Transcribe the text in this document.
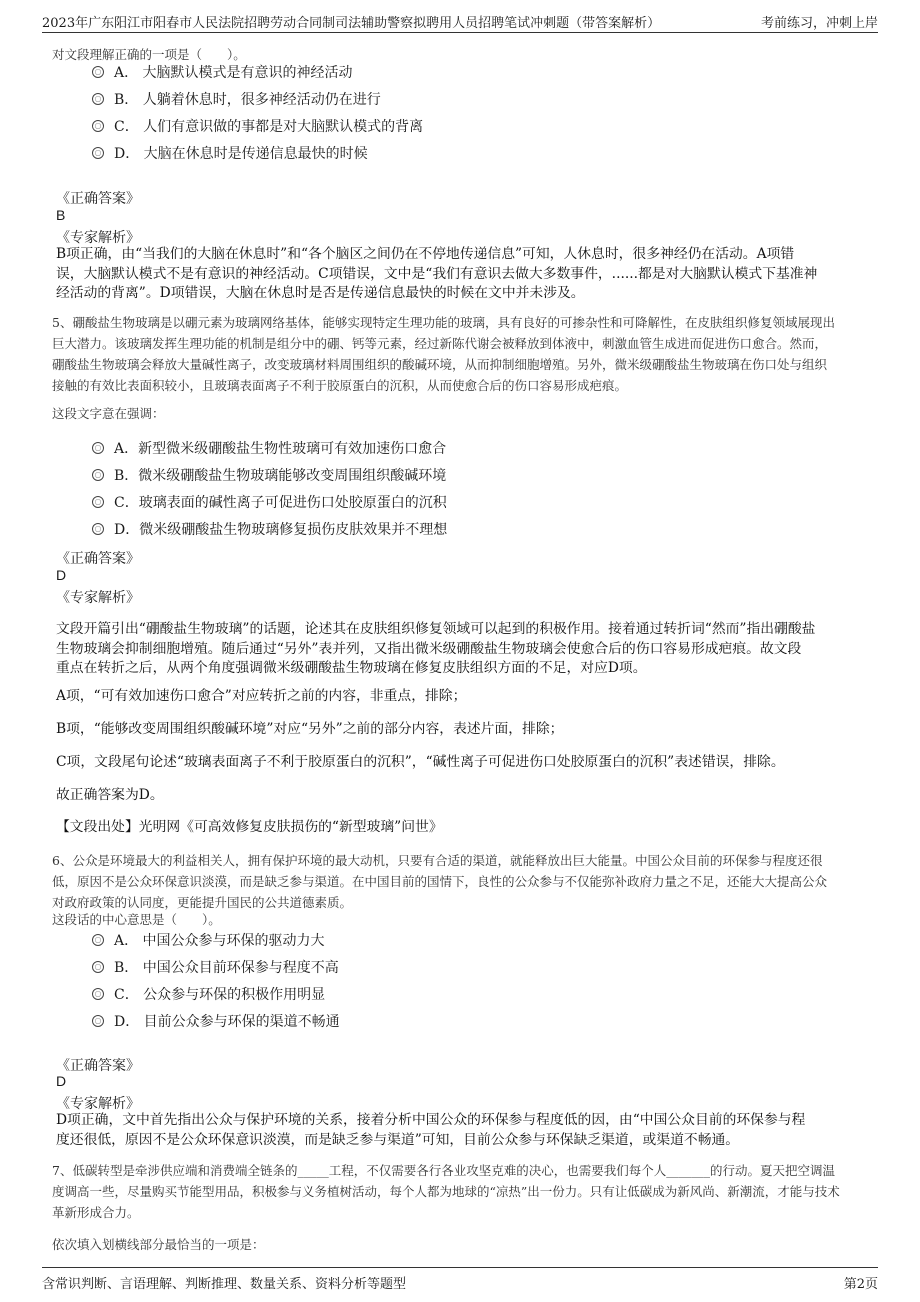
2023年广东阳江市阳春市人民法院招聘劳动合同制司法辅助警察拟聘用人员招聘笔试冲刺题（带答案解析）	考前练习，冲刺上岸
对文段理解正确的一项是（　　）。
A． 大脑默认模式是有意识的神经活动
B． 人躺着休息时，很多神经活动仍在进行
C． 人们有意识做的事都是对大脑默认模式的背离
D． 大脑在休息时是传递信息最快的时候
《正确答案》
B
《专家解析》
B项正确，由“当我们的大脑在休息时”和“各个脑区之间仍在不停地传递信息”可知，人休息时，很多神经仍在活动。A项错
误，大脑默认模式不是有意识的神经活动。C项错误，文中是“我们有意识去做大多数事件，......都是对大脑默认模式下基准神
经活动的背离”。D项错误，大脑在休息时是否是传递信息最快的时候在文中并未涉及。
5、硼酸盐生物玻璃是以硼元素为玻璃网络基体，能够实现特定生理功能的玻璃，具有良好的可掺杂性和可降解性，在皮肤组织修复领域展现出
巨大潜力。该玻璃发挥生理功能的机制是组分中的硼、钙等元素，经过新陈代谢会被释放到体液中，刺激血管生成进而促进伤口愈合。然而，
硼酸盐生物玻璃会释放大量碱性离子，改变玻璃材料周围组织的酸碱环境，从而抑制细胞增殖。另外，微米级硼酸盐生物玻璃在伤口处与组织
接触的有效比表面积较小，且玻璃表面离子不利于胶原蛋白的沉积，从而使愈合后的伤口容易形成疤痕。
这段文字意在强调：
A．新型微米级硼酸盐生物性玻璃可有效加速伤口愈合
B．微米级硼酸盐生物玻璃能够改变周围组织酸碱环境
C．玻璃表面的碱性离子可促进伤口处胶原蛋白的沉积
D．微米级硼酸盐生物玻璃修复损伤皮肤效果并不理想
《正确答案》
D
《专家解析》
文段开篇引出“硼酸盐生物玻璃”的话题，论述其在皮肤组织修复领域可以起到的积极作用。接着通过转折词“然而”指出硼酸盐
生物玻璃会抑制细胞增殖。随后通过“另外”表并列，又指出微米级硼酸盐生物玻璃会使愈合后的伤口容易形成疤痕。故文段
重点在转折之后，从两个角度强调微米级硼酸盐生物玻璃在修复皮肤组织方面的不足，对应D项。
A项，“可有效加速伤口愈合”对应转折之前的内容，非重点，排除；
B项，“能够改变周围组织酸碱环境”对应“另外”之前的部分内容，表述片面，排除；
C项，文段尾句论述“玻璃表面离子不利于胶原蛋白的沉积”，“碱性离子可促进伤口处胶原蛋白的沉积”表述错误，排除。
故正确答案为D。
【文段出处】光明网《可高效修复皮肤损伤的“新型玻璃”问世》
6、公众是环境最大的利益相关人，拥有保护环境的最大动机，只要有合适的渠道，就能释放出巨大能量。中国公众目前的环保参与程度还很
低，原因不是公众环保意识淡漠，而是缺乏参与渠道。在中国目前的国情下，良性的公众参与不仅能弥补政府力量之不足，还能大大提高公众
对政府政策的认同度，更能提升国民的公共道德素质。
这段话的中心意思是（　　）。
A． 中国公众参与环保的驱动力大
B． 中国公众目前环保参与程度不高
C． 公众参与环保的积极作用明显
D． 目前公众参与环保的渠道不畅通
《正确答案》
D
《专家解析》
D项正确，文中首先指出公众与保护环境的关系，接着分析中国公众的环保参与程度低的因，由“中国公众目前的环保参与程
度还很低，原因不是公众环保意识淡漠，而是缺乏参与渠道”可知，目前公众参与环保缺乏渠道，或渠道不畅通。
7、低碳转型是牵涉供应端和消费端全链条的_____工程，不仅需要各行各业攻坚克难的决心，也需要我们每个人_______的行动。夏天把空调温
度调高一些，尽量购买节能型用品，积极参与义务植树活动，每个人都为地球的“凉热”出一份力。只有让低碳成为新风尚、新潮流，才能与技术
革新形成合力。
依次填入划横线部分最恰当的一项是：
含常识判断、言语理解、判断推理、数量关系、资料分析等题型	第2页
